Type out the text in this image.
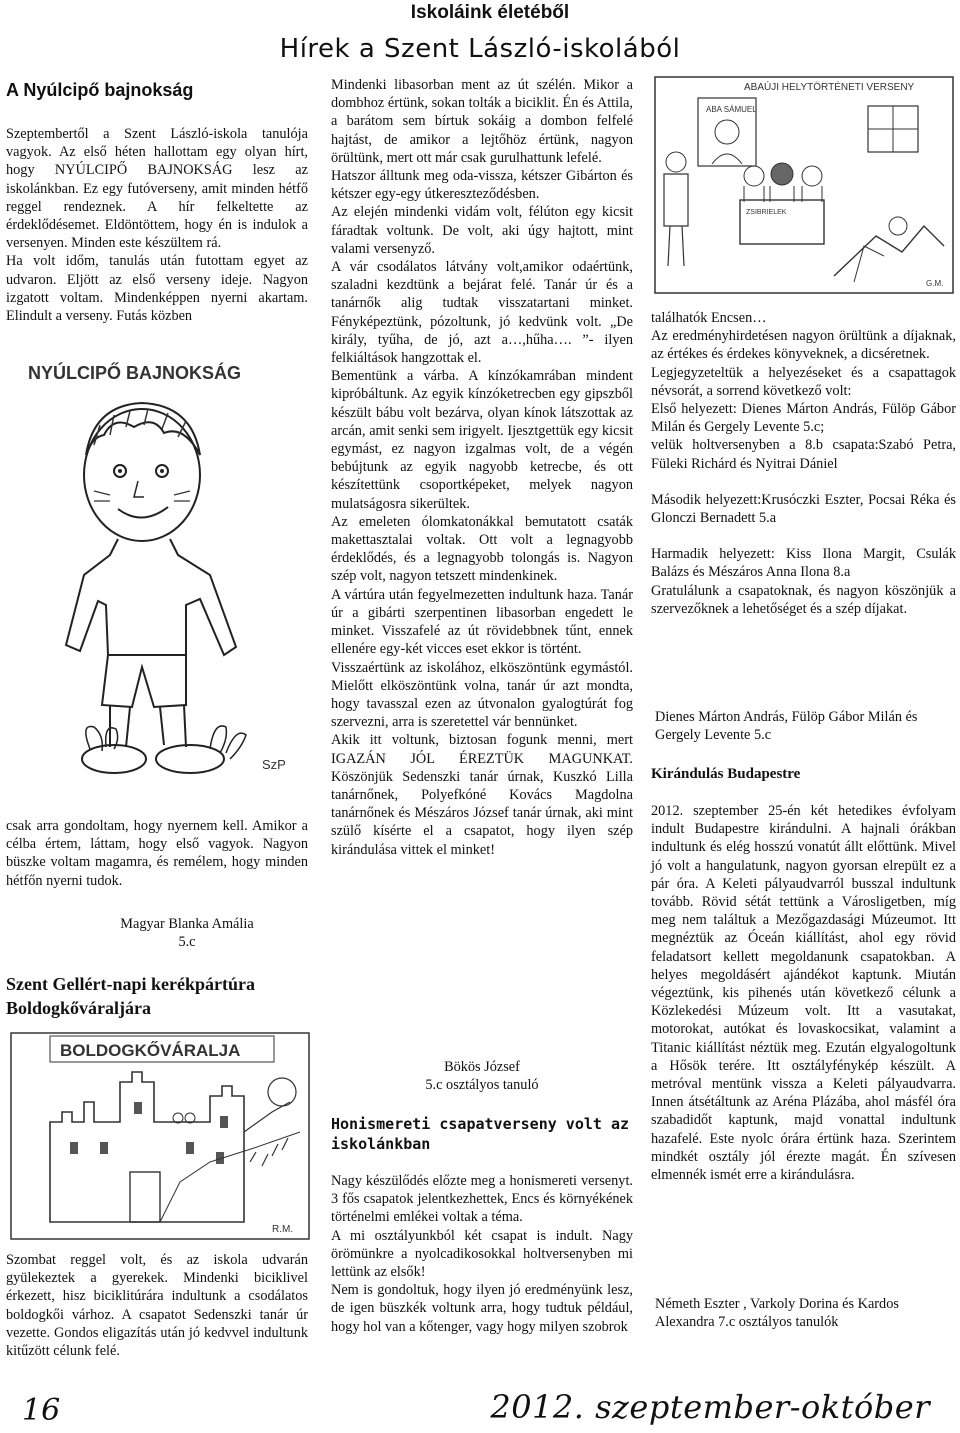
Iskoláink életéből
Hírek a Szent László-iskolából
A Nyúlcipő bajnokság

Szeptembertől a Szent László-iskola tanulója vagyok. Az első héten hallottam egy olyan hírt, hogy NYÚLCIPŐ BAJNOKSÁG lesz az iskolánkban. Ez egy futóverseny, amit minden hétfő reggel rendeznek. A hír felkeltette az érdeklődésemet. Eldöntöttem, hogy én is indulok a versenyen. Minden este készültem rá.

Ha volt időm, tanulás után futottam egyet az udvaron. Eljött az első verseny ideje. Nagyon izgatott voltam. Mindenképpen nyerni akartam. Elindult a verseny. Futás közben

NYÚLCIPŐ BAJNOKSÁG
SzP

csak arra gondoltam, hogy nyernem kell. Amikor a célba értem, láttam, hogy első vagyok. Nagyon büszke voltam magamra, és remélem, hogy minden hétfőn nyerni tudok.

Magyar Blanka Amália

5.c

Szent Gellért-napi kerékpártúra
Boldogkőváraljára
BOLDOGKŐVÁRALJA
R.M.

Szombat reggel volt, és az iskola udvarán gyülekeztek a gyerekek. Mindenki biciklivel érkezett, hisz biciklitúrára indultunk a csodálatos boldogkői várhoz. A csapatot Sedenszki tanár úr vezette. Gondos eligazítás után jó kedvvel indultunk kitűzött célunk felé.

Mindenki libasorban ment az út szélén. Mikor a dombhoz értünk, sokan tolták a biciklit. Én és Attila, a barátom sem bírtuk sokáig a dombon felfelé hajtást, de amikor a lejtőhöz értünk, nagyon örültünk, mert ott már csak gurulhattunk lefelé.

Hatszor álltunk meg oda-vissza, kétszer Gibárton és kétszer egy-egy útkereszteződésben.

Az elején mindenki vidám volt, félúton egy kicsit fáradtak voltunk. De volt, aki úgy hajtott, mint valami versenyző.

A vár csodálatos látvány volt,amikor odaértünk, szaladni kezdtünk a bejárat felé. Tanár úr és a tanárnők alig tudtak visszatartani minket. Fényképeztünk, pózoltunk, jó kedvünk volt. „De király, tyűha, de jó, azt a…,hűha…. ”- ilyen felkiáltások hangzottak el.

Bementünk a várba. A kínzókamrában mindent kipróbáltunk. Az egyik kínzóketrecben egy gipszből készült bábu volt bezárva, olyan kínok látszottak az arcán, amit senki sem irigyelt. Ijesztgettük egy kicsit egymást, ez nagyon izgalmas volt, de a végén bebújtunk az egyik nagyobb ketrecbe, és ott készítettünk csoportképeket, melyek nagyon mulatságosra sikerültek.

Az emeleten ólomkatonákkal bemutatott csaták makettasztalai voltak. Ott volt a legnagyobb érdeklődés, és a legnagyobb tolongás is. Nagyon szép volt, nagyon tetszett mindenkinek.

A vártúra után fegyelmezetten indultunk haza. Tanár úr a gibárti szerpentinen libasorban engedett le minket. Visszafelé az út rövidebbnek tűnt, ennek ellenére egy-két vicces eset ekkor is történt.

Visszaértünk az iskolához, elköszöntünk egymástól. Mielőtt elköszöntünk volna, tanár úr azt mondta, hogy tavasszal ezen az útvonalon gyalogtúrát fog szervezni, arra is szeretettel vár bennünket.

Akik itt voltunk, biztosan fogunk menni, mert IGAZÁN JÓL ÉREZTÜK MAGUNKAT. Köszönjük Sedenszki tanár úrnak, Kuszkó Lilla tanárnőnek, Polyefkóné Kovács Magdolna tanárnőnek és Mészáros József tanár úrnak, aki mint szülő kísérte el a csapatot, hogy ilyen szép kirándulása vittek el minket!

Bökös József

5.c osztályos tanuló

Honismereti csapatverseny volt az
iskolánkban

Nagy készülődés előzte meg a honismereti versenyt. 3 fős csapatok jelentkezhettek, Encs és környékének történelmi emlékei voltak a téma.

A mi osztályunkból két csapat is indult. Nagy örömünkre a nyolcadikosokkal holtversenyben mi lettünk az elsők!

Nem is gondoltuk, hogy ilyen jó eredményünk lesz, de igen büszkék voltunk arra, hogy tudtuk például, hogy hol van a kőtenger, vagy hogy milyen szobrok

ABAÚJI HELYTÖRTÉNETI VERSENY
ABA SÁMUEL
ZSIBRIELEK
G.M.

találhatók Encsen…

Az eredményhirdetésen nagyon örültünk a díjaknak, az értékes és érdekes könyveknek, a dicséretnek.

Legjegyzeteltük a helyezéseket és a csapattagok névsorát, a sorrend következő volt:

Első helyezett: Dienes Márton András, Fülöp Gábor Milán és Gergely Levente 5.c;

velük holtversenyben a 8.b csapata:Szabó Petra, Füleki Richárd és Nyitrai Dániel

Második helyezett:Krusóczki Eszter, Pocsai Réka és Glonczi Bernadett 5.a

Harmadik helyezett: Kiss Ilona Margit, Csulák Balázs és Mészáros Anna Ilona 8.a

Gratulálunk a csapatoknak, és nagyon köszönjük a szervezőknek a lehetőséget és a szép díjakat.

Dienes Márton András, Fülöp Gábor Milán és Gergely Levente 5.c

Kirándulás Budapestre

2012. szeptember 25-én két hetedikes évfolyam indult Budapestre kirándulni. A hajnali órákban indultunk és elég hosszú vonatút állt előttünk. Mivel jó volt a hangulatunk, nagyon gyorsan elrepült ez a pár óra. A Keleti pályaudvarról busszal indultunk tovább. Rövid sétát tettünk a Városligetben, míg meg nem találtuk a Mezőgazdasági Múzeumot. Itt megnéztük az Óceán kiállítást, ahol egy rövid feladatsort kellett megoldanunk csapatokban. A helyes megoldásért ajándékot kaptunk. Miután végeztünk, kis pihenés után következő célunk a Közlekedési Múzeum volt. Itt a vasutakat, motorokat, autókat és lovaskocsikat, valamint a Titanic kiállítást néztük meg. Ezután elgyalogoltunk a Hősök terére. Itt osztályfénykép készült. A metróval mentünk vissza a Keleti pályaudvarra. Innen átsétáltunk az Aréna Plázába, ahol másfél óra szabadidőt kaptunk, majd vonattal indultunk hazafelé. Este nyolc órára értünk haza. Szerintem mindkét osztály jól érezte magát. Én szívesen elmennék ismét erre a kirándulásra.

Németh Eszter , Varkoly Dorina és Kardos Alexandra 7.c osztályos tanulók

16	2012. szeptember-október
